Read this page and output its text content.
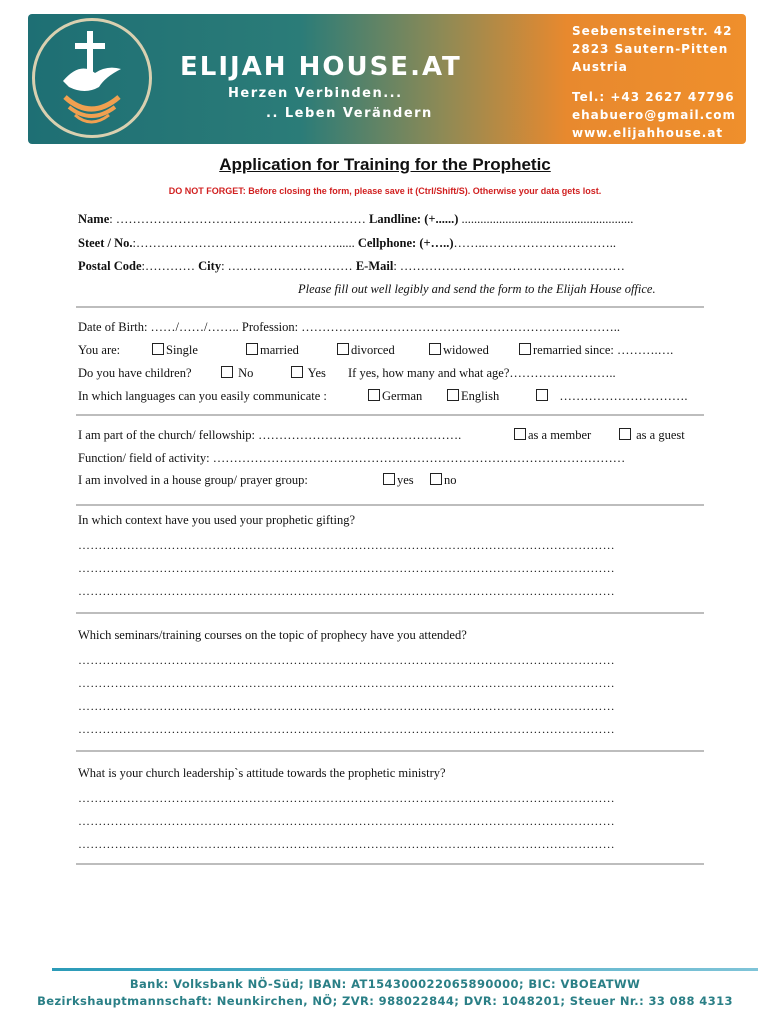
ELIJAH HOUSE.AT
Herzen Verbinden...
.. Leben Verändern
Seebensteinerstr. 42
2823 Sautern-Pitten
Austria
Tel.: +43 2627 47796
ehabuero@gmail.com
www.elijahhouse.at
Application for Training for the Prophetic
DO NOT FORGET: Before closing the form, please save it (Ctrl/Shift/S). Otherwise your data gets lost.
Name: …………………………………………………… Landline: (+......) .......................................................
Steet / No.:…………………………………………...... Cellphone: (+…..)……..…………………………..
Postal Code:………… City: ………………………… E-Mail: ………………………………………………
Please fill out well legibly and send the form to the Elijah House office.
Date of Birth: ……/……/…….. Profession: …………………………………………………………………..
You are:	Single	married	divorced	widowed	remarried since: ……….….
Do you have children?	No	Yes If yes, how many and what age?……………………..
In which languages can you easily communicate :	German	English	………………………….
I am part of the church/ fellowship: ………………………………………….	as a member	as a guest
Function/ field of activity: ………………………………………………………………………………………
I am involved in a house group/ prayer group:	yes	no
In which context have you used your prophetic gifting?
……………………………………………………………………………………………………………………
……………………………………………………………………………………………………………………
……………………………………………………………………………………………………………………
Which seminars/training courses on the topic of prophecy have you attended?
……………………………………………………………………………………………………………………
……………………………………………………………………………………………………………………
……………………………………………………………………………………………………………………
……………………………………………………………………………………………………………………
What is your church leadership`s attitude towards the prophetic ministry?
……………………………………………………………………………………………………………………
……………………………………………………………………………………………………………………
……………………………………………………………………………………………………………………
Bank: Volksbank NÖ-Süd; IBAN: AT154300022065890000; BIC: VBOEATWW
Bezirkshauptmannschaft: Neunkirchen, NÖ; ZVR: 988022844; DVR: 1048201; Steuer Nr.: 33 088 4313
